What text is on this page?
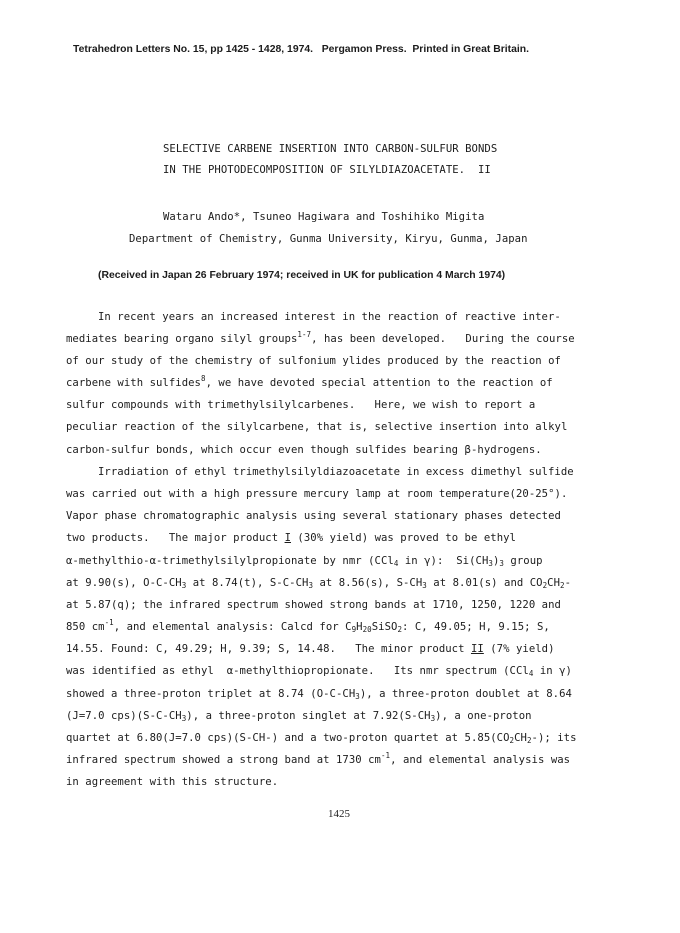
Tetrahedron Letters No. 15, pp 1425 - 1428, 1974.   Pergamon Press.  Printed in Great Britain.
SELECTIVE CARBENE INSERTION INTO CARBON-SULFUR BONDS
IN THE PHOTODECOMPOSITION OF SILYLDIAZOACETATE.  II
Wataru Ando*, Tsuneo Hagiwara and Toshihiko Migita
Department of Chemistry, Gunma University, Kiryu, Gunma, Japan
(Received in Japan 26 February 1974; received in UK for publication 4 March 1974)
In recent years an increased interest in the reaction of reactive inter-
mediates bearing organo silyl groups$^{1-7}$, has been developed.   During the course
of our study of the chemistry of sulfonium ylides produced by the reaction of
carbene with sulfides$^8$, we have devoted special attention to the reaction of
sulfur compounds with trimethylsilylcarbenes.   Here, we wish to report a
peculiar reaction of the silylcarbene, that is, selective insertion into alkyl
carbon-sulfur bonds, which occur even though sulfides bearing β-hydrogens.
Irradiation of ethyl trimethylsilyldiazoacetate in excess dimethyl sulfide
was carried out with a high pressure mercury lamp at room temperature(20-25°).
Vapor phase chromatographic analysis using several stationary phases detected
two products.   The major product I (30% yield) was proved to be ethyl
α-methylthio-α-trimethylsilylpropionate by nmr (CCl$_4$ in γ):  $Si(CH_3)_3$ group
at 9.90(s), $O-C-CH_3$ at 8.74(t), $S-C-CH_3$ at 8.56(s), $S-CH_3$ at 8.01(s) and $CO_2CH_2-$
at 5.87(q); the infrared spectrum showed strong bands at 1710, 1250, 1220 and
850 $cm^{-1}$, and elemental analysis: Calcd for $C_9H_{20}SiSO_2$: C, 49.05; H, 9.15; S,
14.55. Found: C, 49.29; H, 9.39; S, 14.48.   The minor product II (7% yield)
was identified as ethyl  α-methylthiopropionate.   Its nmr spectrum (CCl$_4$ in γ)
showed a three-proton triplet at 8.74 $(O-C-CH_3)$, a three-proton doublet at 8.64
(J=7.0 $cps)(S-C-CH_3)$, a three-proton singlet at $7.92(S-CH_3)$, a one-proton
quartet at 6.80(J=7.0 cps)(S-CH-) and a two-proton quartet at $5.85(CO_2CH_2-)$; its
infrared spectrum showed a strong band at 1730 $cm^{-1}$, and elemental analysis was
in agreement with this structure.
1425
